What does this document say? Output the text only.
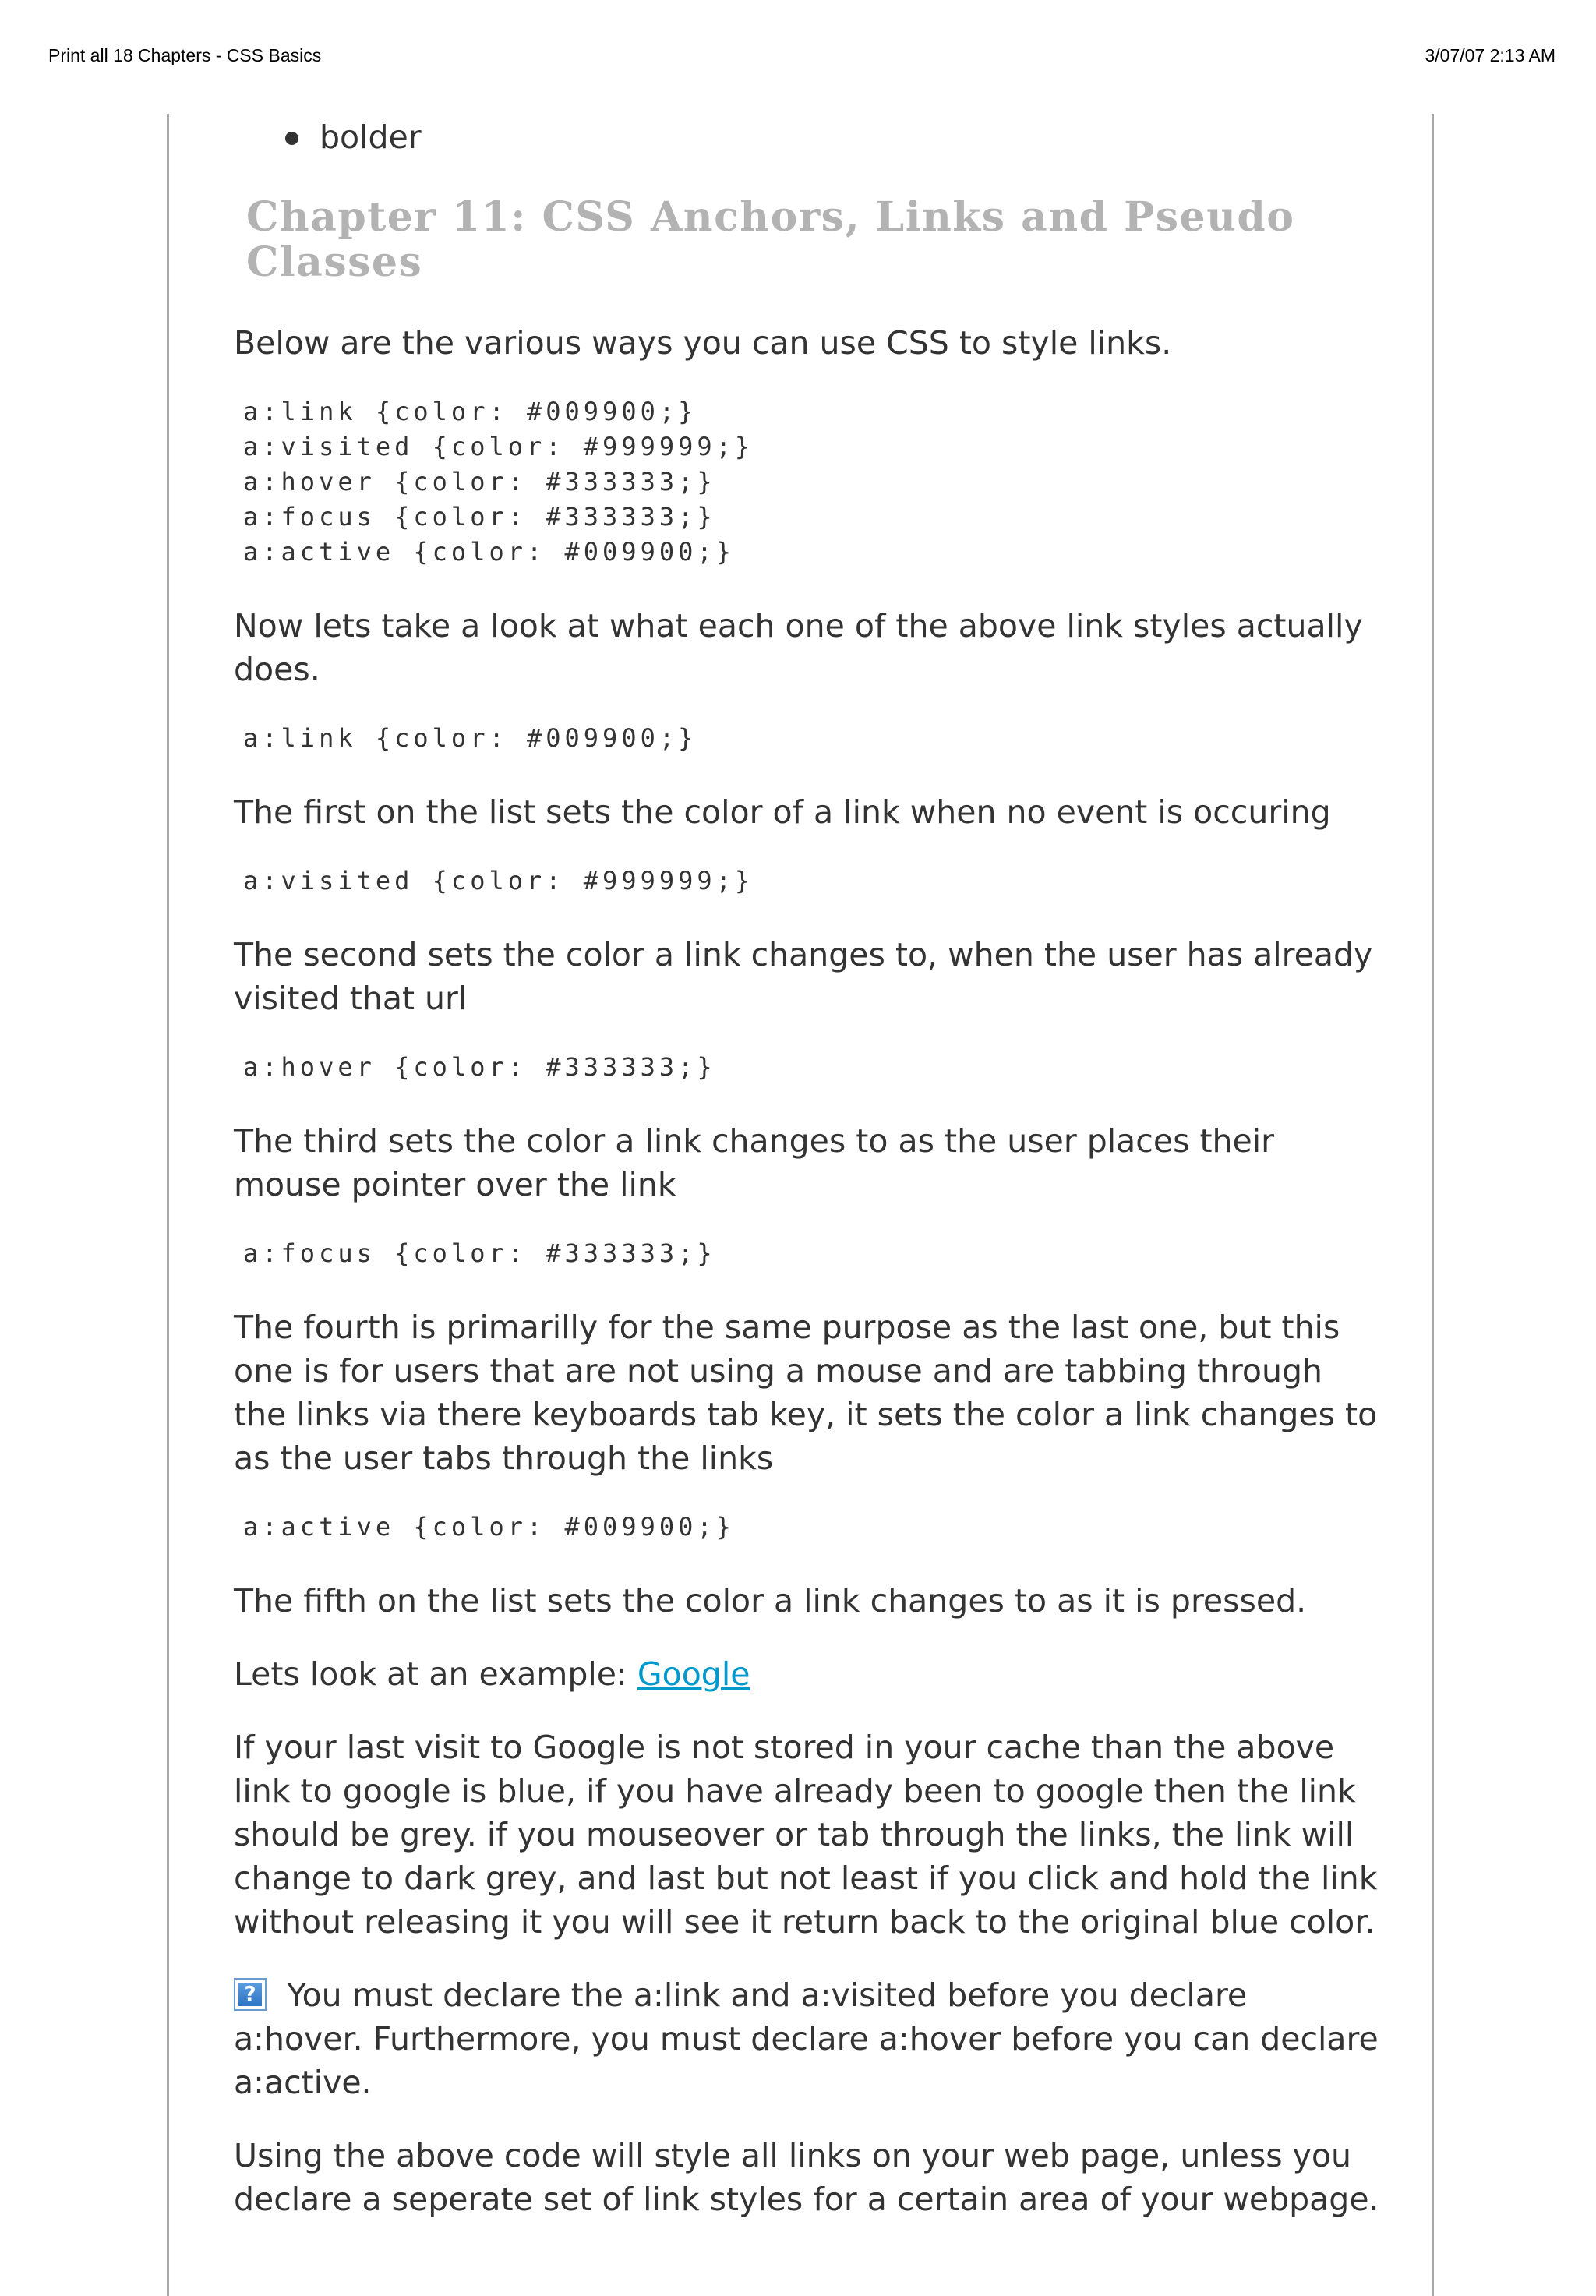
Print all 18 Chapters - CSS Basics	3/07/07 2:13 AM
bolder
Chapter 11: CSS Anchors, Links and Pseudo Classes

Below are the various ways you can use CSS to style links.

a:link {color: #009900;}
a:visited {color: #999999;}
a:hover {color: #333333;}
a:focus {color: #333333;}
a:active {color: #009900;}

Now lets take a look at what each one of the above link styles actually does.

a:link {color: #009900;}

The first on the list sets the color of a link when no event is occuring

a:visited {color: #999999;}

The second sets the color a link changes to, when the user has already visited that url

a:hover {color: #333333;}

The third sets the color a link changes to as the user places their mouse pointer over the link

a:focus {color: #333333;}

The fourth is primarilly for the same purpose as the last one, but this one is for users that are not using a mouse and are tabbing through the links via there keyboards tab key, it sets the color a link changes to as the user tabs through the links

a:active {color: #009900;}

The fifth on the list sets the color a link changes to as it is pressed.

Lets look at an example: Google

If your last visit to Google is not stored in your cache than the above link to google is blue, if you have already been to google then the link should be grey. if you mouseover or tab through the links, the link will change to dark grey, and last but not least if you click and hold the link without releasing it you will see it return back to the original blue color.

? You must declare the a:link and a:visited before you declare a:hover. Furthermore, you must declare a:hover before you can declare a:active.

Using the above code will style all links on your web page, unless you declare a seperate set of link styles for a certain area of your webpage.
